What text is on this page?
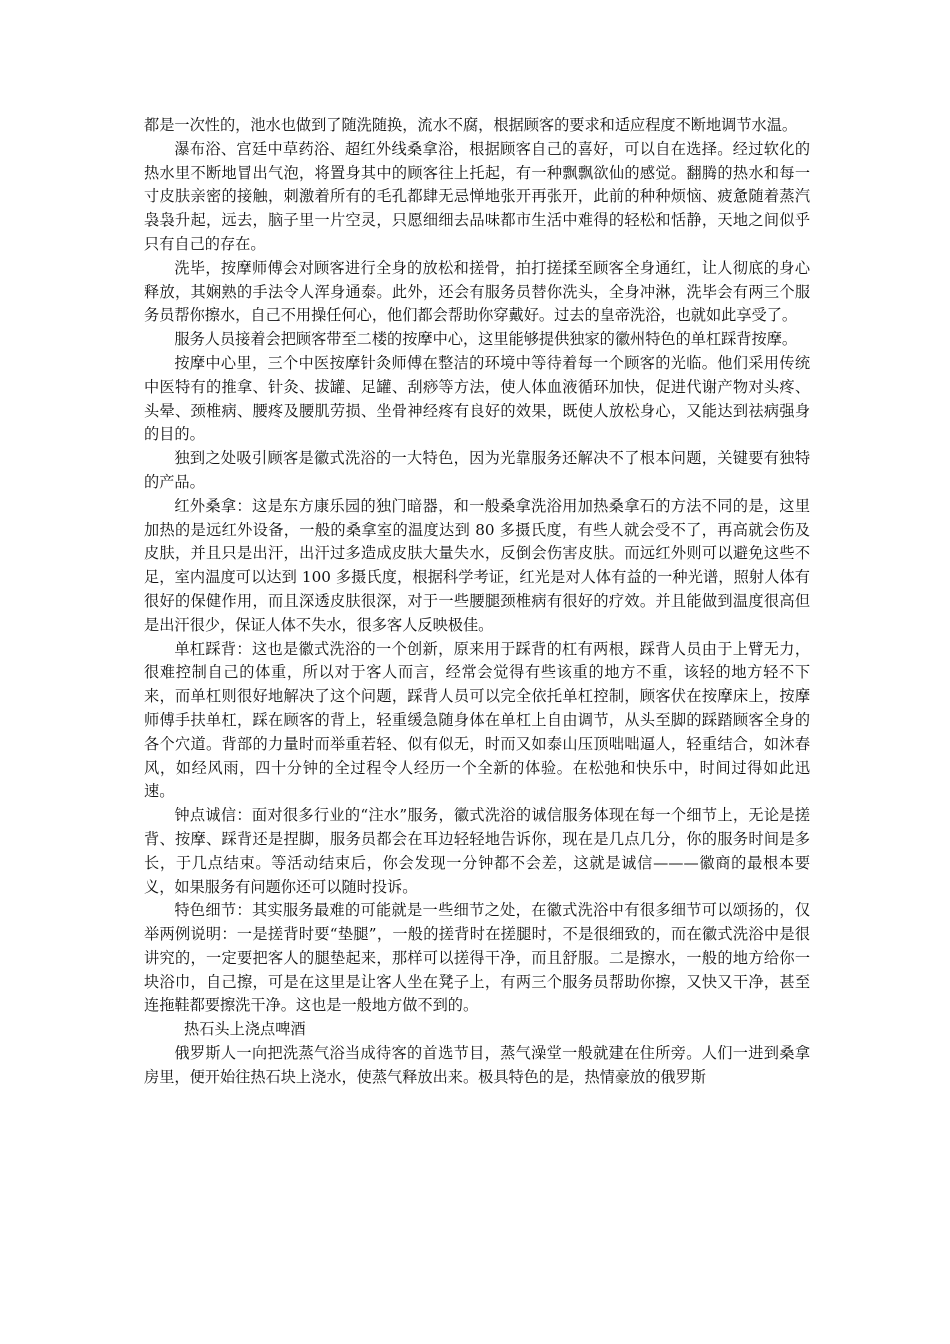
都是一次性的，池水也做到了随洗随换，流水不腐，根据顾客的要求和适应程度不断地调节水温。

瀑布浴、宫廷中草药浴、超红外线桑拿浴，根据顾客自己的喜好，可以自在选择。经过软化的热水里不断地冒出气泡，将置身其中的顾客往上托起，有一种飘飘欲仙的感觉。翻腾的热水和每一寸皮肤亲密的接触，刺激着所有的毛孔都肆无忌惮地张开再张开，此前的种种烦恼、疲惫随着蒸汽袅袅升起，远去，脑子里一片空灵，只愿细细去品味都市生活中难得的轻松和恬静，天地之间似乎只有自己的存在。

洗毕，按摩师傅会对顾客进行全身的放松和搓骨，拍打搓揉至顾客全身通红，让人彻底的身心释放，其娴熟的手法令人浑身通泰。此外，还会有服务员替你洗头，全身冲淋，洗毕会有两三个服务员帮你擦水，自己不用操任何心，他们都会帮助你穿戴好。过去的皇帝洗浴，也就如此享受了。

服务人员接着会把顾客带至二楼的按摩中心，这里能够提供独家的徽州特色的单杠踩背按摩。

按摩中心里，三个中医按摩针灸师傅在整洁的环境中等待着每一个顾客的光临。他们采用传统中医特有的推拿、针灸、拔罐、足罐、刮痧等方法，使人体血液循环加快，促进代谢产物对头疼、头晕、颈椎病、腰疼及腰肌劳损、坐骨神经疼有良好的效果，既使人放松身心，又能达到祛病强身的目的。

独到之处吸引顾客是徽式洗浴的一大特色，因为光靠服务还解决不了根本问题，关键要有独特的产品。

红外桑拿：这是东方康乐园的独门暗器，和一般桑拿洗浴用加热桑拿石的方法不同的是，这里加热的是远红外设备，一般的桑拿室的温度达到 80 多摄氏度，有些人就会受不了，再高就会伤及皮肤，并且只是出汗，出汗过多造成皮肤大量失水，反倒会伤害皮肤。而远红外则可以避免这些不足，室内温度可以达到 100 多摄氏度，根据科学考证，红光是对人体有益的一种光谱，照射人体有很好的保健作用，而且深透皮肤很深，对于一些腰腿颈椎病有很好的疗效。并且能做到温度很高但是出汗很少，保证人体不失水，很多客人反映极佳。

单杠踩背：这也是徽式洗浴的一个创新，原来用于踩背的杠有两根，踩背人员由于上臂无力，很难控制自己的体重，所以对于客人而言，经常会觉得有些该重的地方不重，该轻的地方轻不下来，而单杠则很好地解决了这个问题，踩背人员可以完全依托单杠控制，顾客伏在按摩床上，按摩师傅手扶单杠，踩在顾客的背上，轻重缓急随身体在单杠上自由调节，从头至脚的踩踏顾客全身的各个穴道。背部的力量时而举重若轻、似有似无，时而又如泰山压顶咄咄逼人，轻重结合，如沐春风，如经风雨，四十分钟的全过程令人经历一个全新的体验。在松弛和快乐中，时间过得如此迅速。

钟点诚信：面对很多行业的“注水”服务，徽式洗浴的诚信服务体现在每一个细节上，无论是搓背、按摩、踩背还是捏脚，服务员都会在耳边轻轻地告诉你，现在是几点几分，你的服务时间是多长，于几点结束。等活动结束后，你会发现一分钟都不会差，这就是诚信———徽商的最根本要义，如果服务有问题你还可以随时投诉。

特色细节：其实服务最难的可能就是一些细节之处，在徽式洗浴中有很多细节可以颂扬的，仅举两例说明：一是搓背时要“垫腿”，一般的搓背时在搓腿时，不是很细致的，而在徽式洗浴中是很讲究的，一定要把客人的腿垫起来，那样可以搓得干净，而且舒服。二是擦水，一般的地方给你一块浴巾，自己擦，可是在这里是让客人坐在凳子上，有两三个服务员帮助你擦，又快又干净，甚至连拖鞋都要擦洗干净。这也是一般地方做不到的。

热石头上浇点啤酒

俄罗斯人一向把洗蒸气浴当成待客的首选节目，蒸气澡堂一般就建在住所旁。人们一进到桑拿房里，便开始往热石块上浇水，使蒸气释放出来。极具特色的是，热情豪放的俄罗斯
